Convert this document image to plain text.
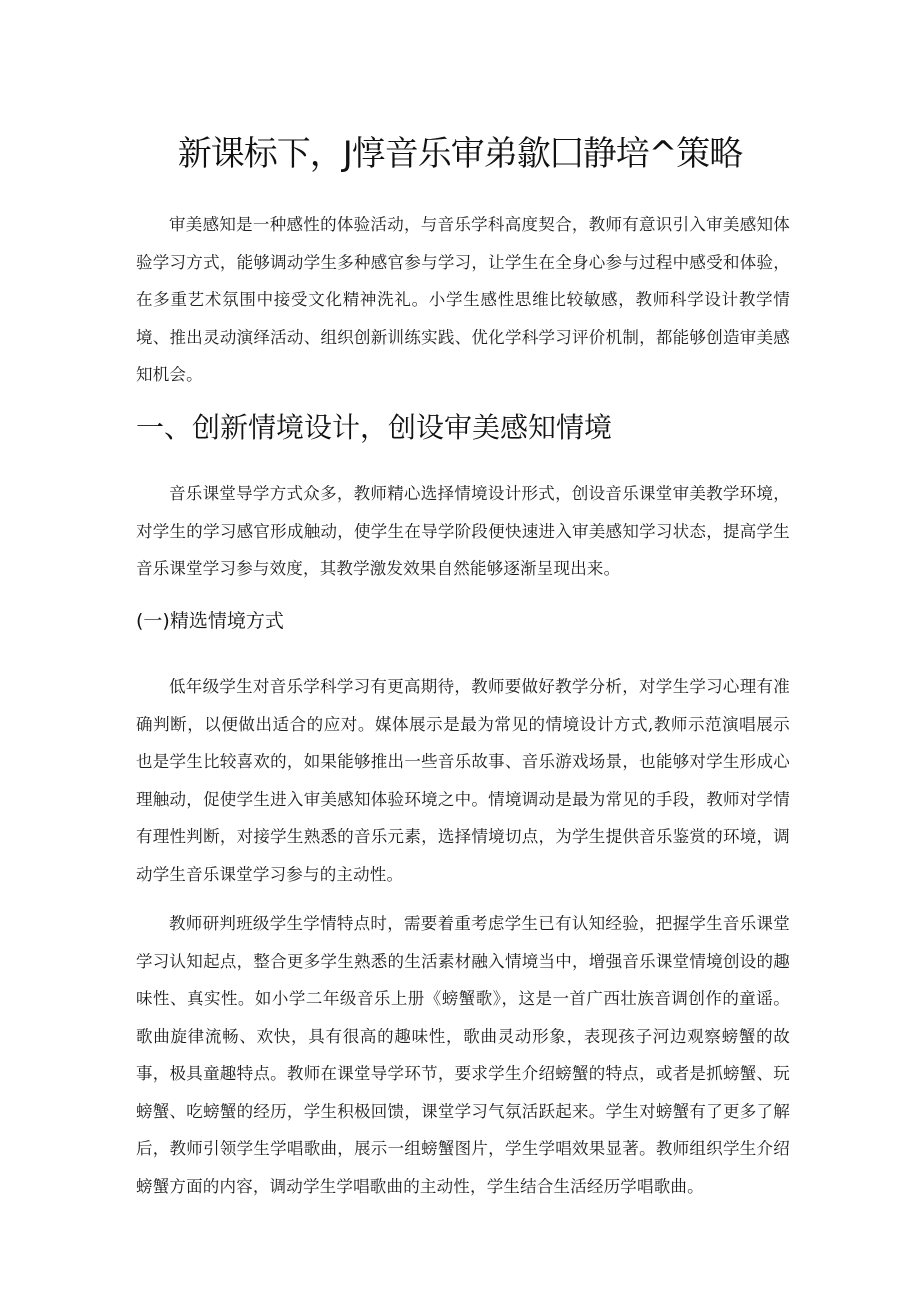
新课标下，J惇音乐审弟歙囗静培^策略
审美感知是一种感性的体验活动，与音乐学科高度契合，教师有意识引入审美感知体验学习方式，能够调动学生多种感官参与学习，让学生在全身心参与过程中感受和体验，在多重艺术氛围中接受文化精神洗礼。小学生感性思维比较敏感，教师科学设计教学情境、推出灵动演绎活动、组织创新训练实践、优化学科学习评价机制，都能够创造审美感知机会。
一、创新情境设计，创设审美感知情境
音乐课堂导学方式众多，教师精心选择情境设计形式，创设音乐课堂审美教学环境，对学生的学习感官形成触动，使学生在导学阶段便快速进入审美感知学习状态，提高学生音乐课堂学习参与效度，其教学激发效果自然能够逐渐呈现出来。
(一)精选情境方式
低年级学生对音乐学科学习有更高期待，教师要做好教学分析，对学生学习心理有准确判断，以便做出适合的应对。媒体展示是最为常见的情境设计方式,教师示范演唱展示也是学生比较喜欢的，如果能够推出一些音乐故事、音乐游戏场景，也能够对学生形成心理触动，促使学生进入审美感知体验环境之中。情境调动是最为常见的手段，教师对学情有理性判断，对接学生熟悉的音乐元素，选择情境切点，为学生提供音乐鉴赏的环境，调动学生音乐课堂学习参与的主动性。
教师研判班级学生学情特点时，需要着重考虑学生已有认知经验，把握学生音乐课堂学习认知起点，整合更多学生熟悉的生活素材融入情境当中，增强音乐课堂情境创设的趣味性、真实性。如小学二年级音乐上册《螃蟹歌》，这是一首广西壮族音调创作的童谣。歌曲旋律流畅、欢快，具有很高的趣味性，歌曲灵动形象，表现孩子河边观察螃蟹的故事，极具童趣特点。教师在课堂导学环节，要求学生介绍螃蟹的特点，或者是抓螃蟹、玩螃蟹、吃螃蟹的经历，学生积极回馈，课堂学习气氛活跃起来。学生对螃蟹有了更多了解后，教师引领学生学唱歌曲，展示一组螃蟹图片，学生学唱效果显著。教师组织学生介绍螃蟹方面的内容，调动学生学唱歌曲的主动性，学生结合生活经历学唱歌曲。
